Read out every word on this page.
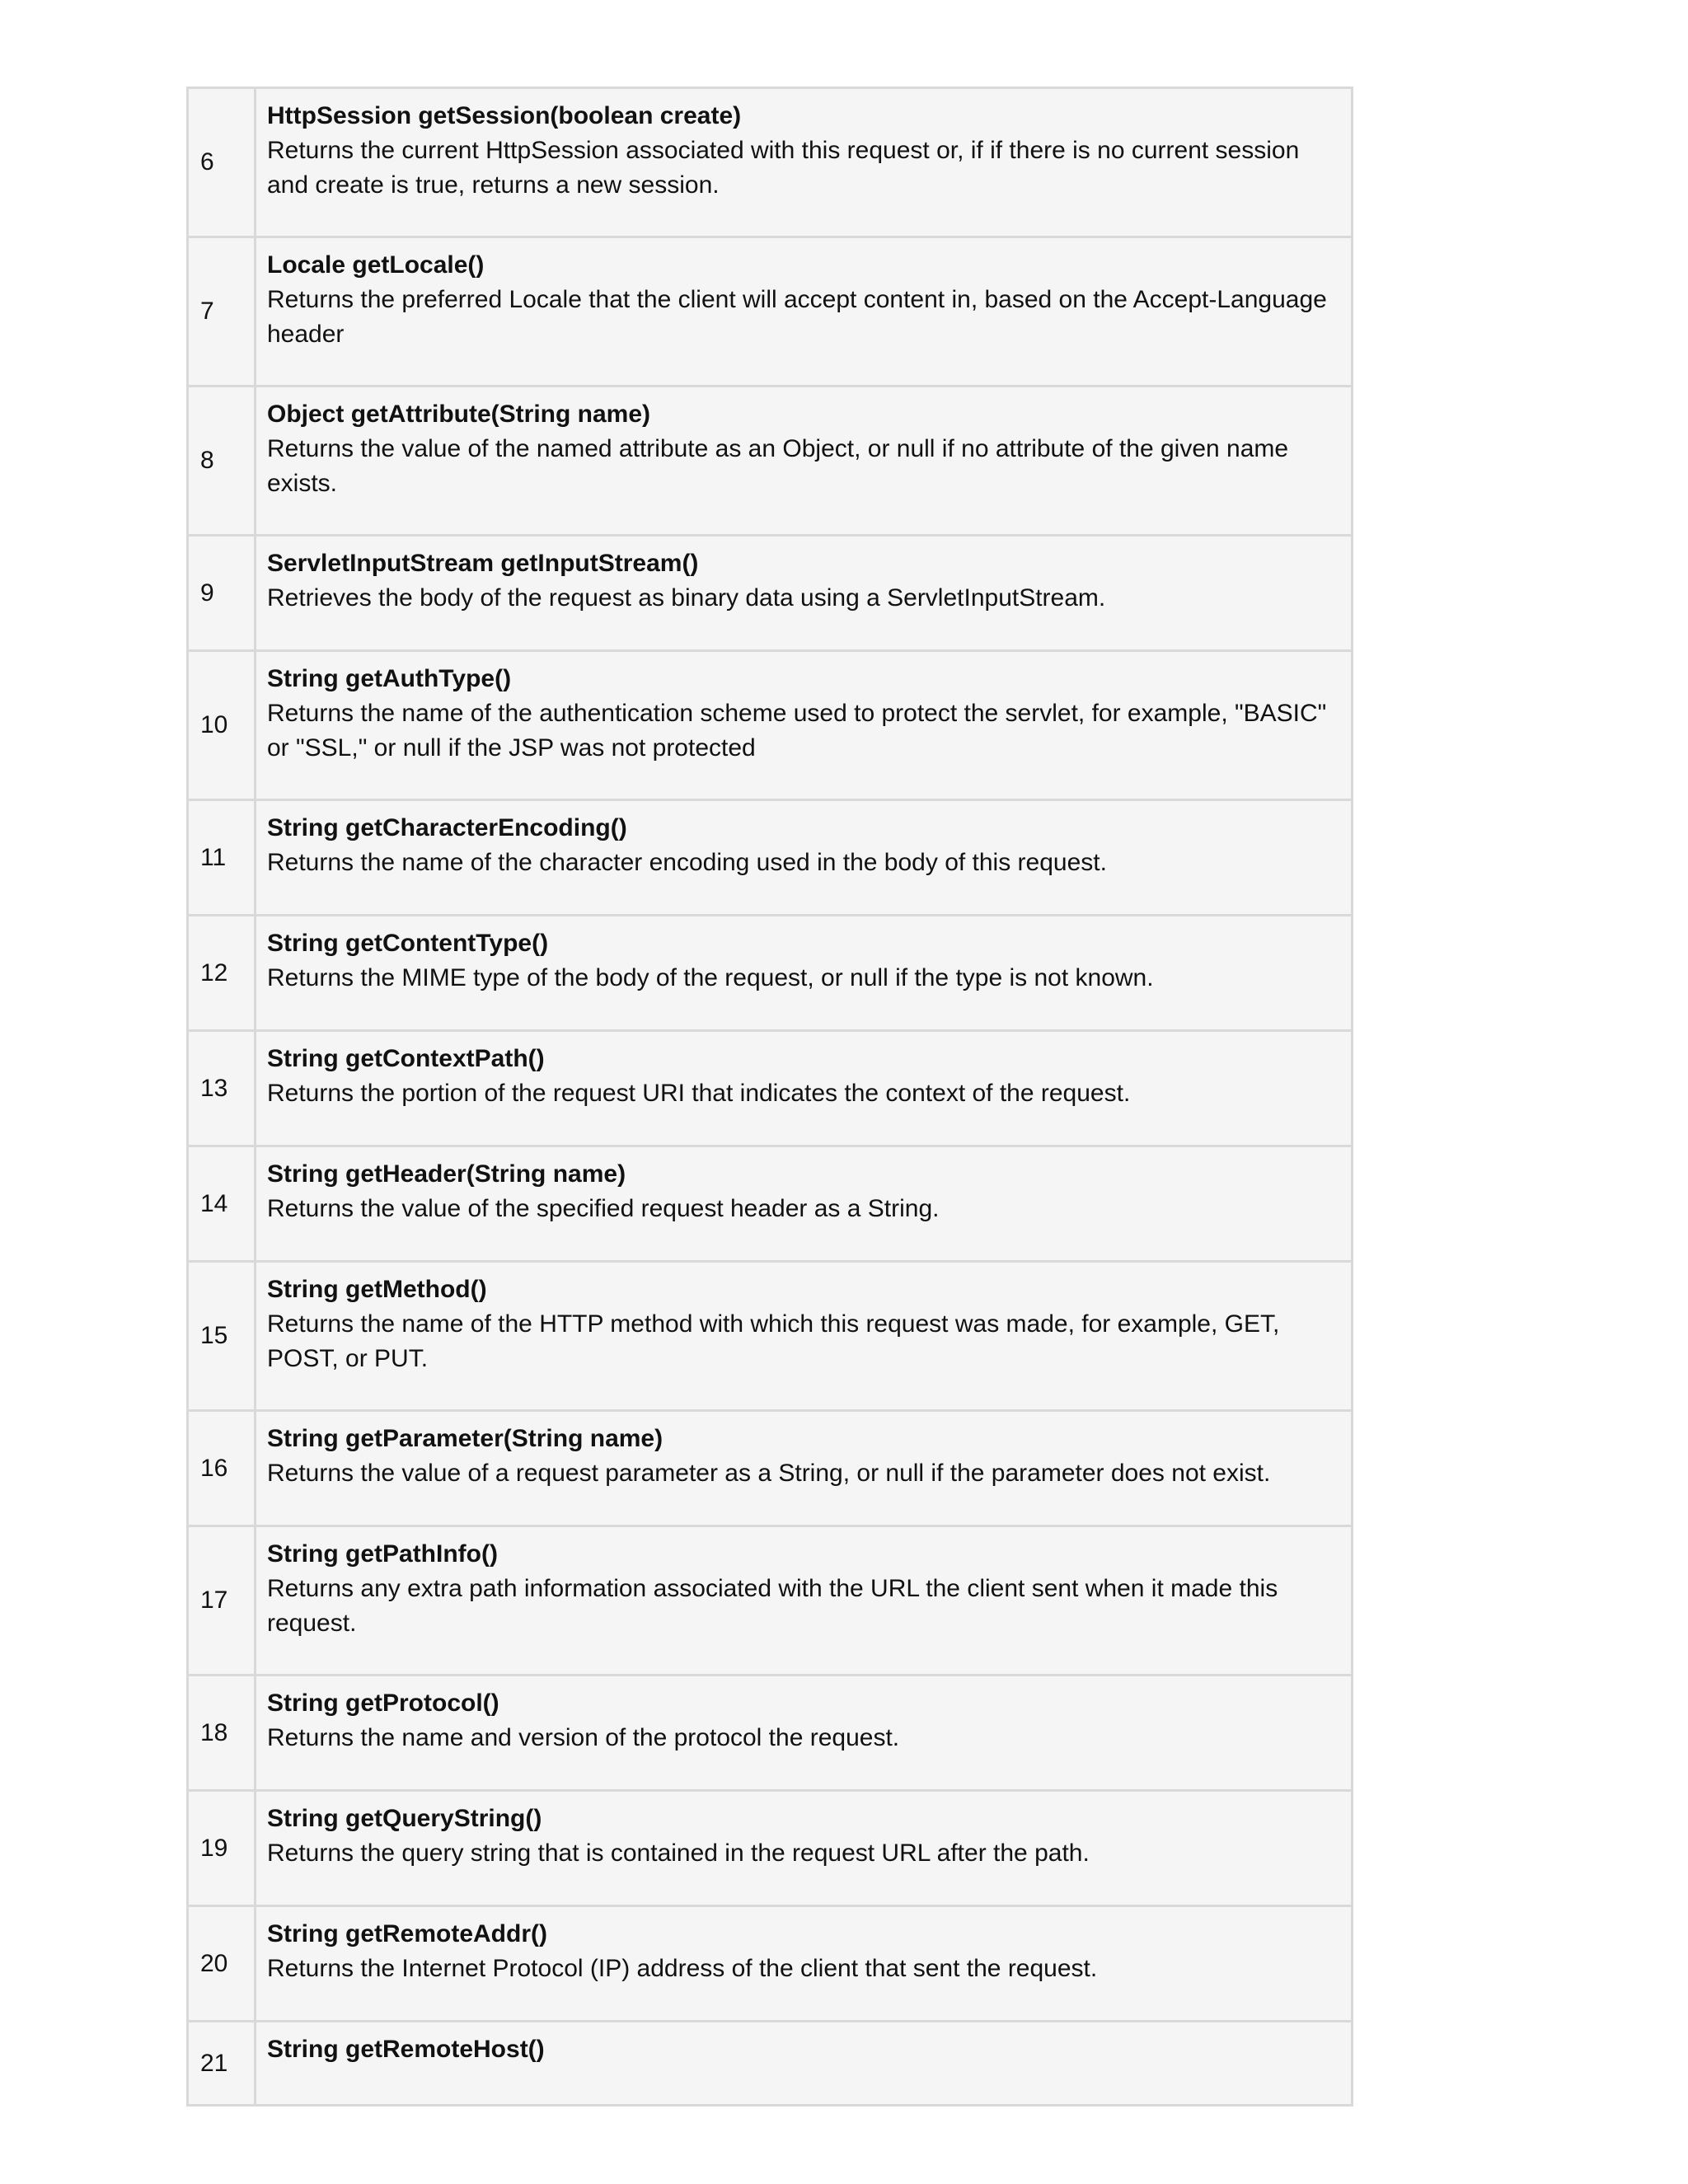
6	HttpSession getSession(boolean create)
Returns the current HttpSession associated with this request or, if if there is no current session and create is true, returns a new session.

7	Locale getLocale()
Returns the preferred Locale that the client will accept content in, based on the Accept-Language header

8	Object getAttribute(String name)
Returns the value of the named attribute as an Object, or null if no attribute of the given name exists.

9	ServletInputStream getInputStream()
Retrieves the body of the request as binary data using a ServletInputStream.

10	String getAuthType()
Returns the name of the authentication scheme used to protect the servlet, for example, "BASIC" or "SSL," or null if the JSP was not protected

11	String getCharacterEncoding()
Returns the name of the character encoding used in the body of this request.

12	String getContentType()
Returns the MIME type of the body of the request, or null if the type is not known.

13	String getContextPath()
Returns the portion of the request URI that indicates the context of the request.

14	String getHeader(String name)
Returns the value of the specified request header as a String.

15	String getMethod()
Returns the name of the HTTP method with which this request was made, for example, GET, POST, or PUT.

16	String getParameter(String name)
Returns the value of a request parameter as a String, or null if the parameter does not exist.

17	String getPathInfo()
Returns any extra path information associated with the URL the client sent when it made this request.

18	String getProtocol()
Returns the name and version of the protocol the request.

19	String getQueryString()
Returns the query string that is contained in the request URL after the path.

20	String getRemoteAddr()
Returns the Internet Protocol (IP) address of the client that sent the request.

21	String getRemoteHost()
